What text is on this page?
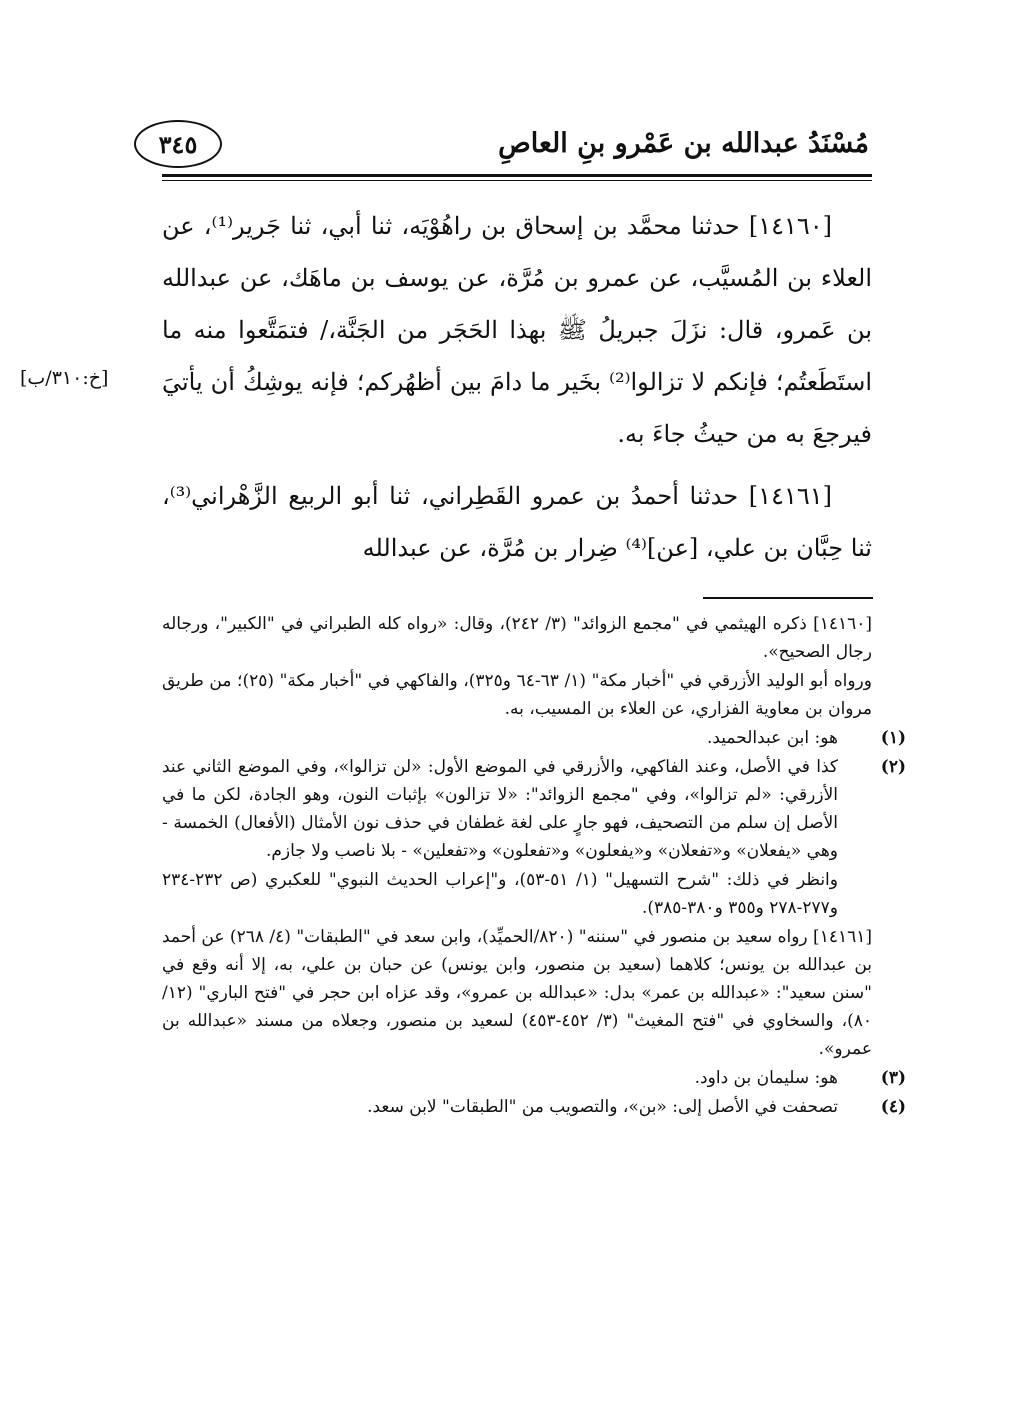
مُسْنَدُ عبدالله بن عَمْرو بنِ العاصِ
٣٤٥
[خ:٣١٠/ب]

[١٤١٦٠] حدثنا محمَّد بن إسحاق بن راهُوْيَه، ثنا أبي، ثنا جَرير⁽¹⁾، عن العلاء بن المُسيَّب، عن عمرو بن مُرَّة، عن يوسف بن ماهَك، عن عبدالله بن عَمرو، قال: نزَلَ جبريلُ ﷺ بهذا الحَجَر من الجَنَّة،/ فتمَتَّعوا منه ما استَطَعتُم؛ فإنكم لا تزالوا⁽²⁾ بخَير ما دامَ بين أظهُركم؛ فإنه يوشِكُ أن يأتيَ فيرجعَ به من حيثُ جاءَ به.

[١٤١٦١] حدثنا أحمدُ بن عمرو القَطِراني، ثنا أبو الربيع الزَّهْراني⁽³⁾، ثنا حِبَّان بن علي، [عن]⁽⁴⁾ ضِرار بن مُرَّة، عن عبدالله

[١٤١٦٠] ذكره الهيثمي في "مجمع الزوائد" (٣/ ٢٤٢)، وقال: «رواه كله الطبراني في "الكبير"، ورجاله رجال الصحيح».

ورواه أبو الوليد الأزرقي في "أخبار مكة" (١/ ٦٣-٦٤ و٣٢٥)، والفاكهي في "أخبار مكة" (٢٥)؛ من طريق مروان بن معاوية الفزاري، عن العلاء بن المسيب، به.

(١)هو: ابن عبدالحميد.

(٢)كذا في الأصل، وعند الفاكهي، والأزرقي في الموضع الأول: «لن تزالوا»، وفي الموضع الثاني عند الأزرقي: «لم تزالوا»، وفي "مجمع الزوائد": «لا تزالون» بإثبات النون، وهو الجادة، لكن ما في الأصل إن سلم من التصحيف، فهو جارٍ على لغة غطفان في حذف نون الأمثال (الأفعال) الخمسة - وهي «يفعلان» و«تفعلان» و«يفعلون» و«تفعلون» و«تفعلين» - بلا ناصب ولا جازم.

وانظر في ذلك: "شرح التسهيل" (١/ ٥١-٥٣)، و"إعراب الحديث النبوي" للعكبري (ص ٢٣٢-٢٣٤ و٢٧٧-٢٧٨ و٣٥٥ و٣٨٠-٣٨٥).

[١٤١٦١] رواه سعيد بن منصور في "سننه" (٨٢٠/الحميِّد)، وابن سعد في "الطبقات" (٤/ ٢٦٨) عن أحمد بن عبدالله بن يونس؛ كلاهما (سعيد بن منصور، وابن يونس) عن حبان بن علي، به، إلا أنه وقع في "سنن سعيد": «عبدالله بن عمر» بدل: «عبدالله بن عمرو»، وقد عزاه ابن حجر في "فتح الباري" (١٢/ ٨٠)، والسخاوي في "فتح المغيث" (٣/ ٤٥٢-٤٥٣) لسعيد بن منصور، وجعلاه من مسند «عبدالله بن عمرو».

(٣)هو: سليمان بن داود.

(٤)تصحفت في الأصل إلى: «بن»، والتصويب من "الطبقات" لابن سعد.
